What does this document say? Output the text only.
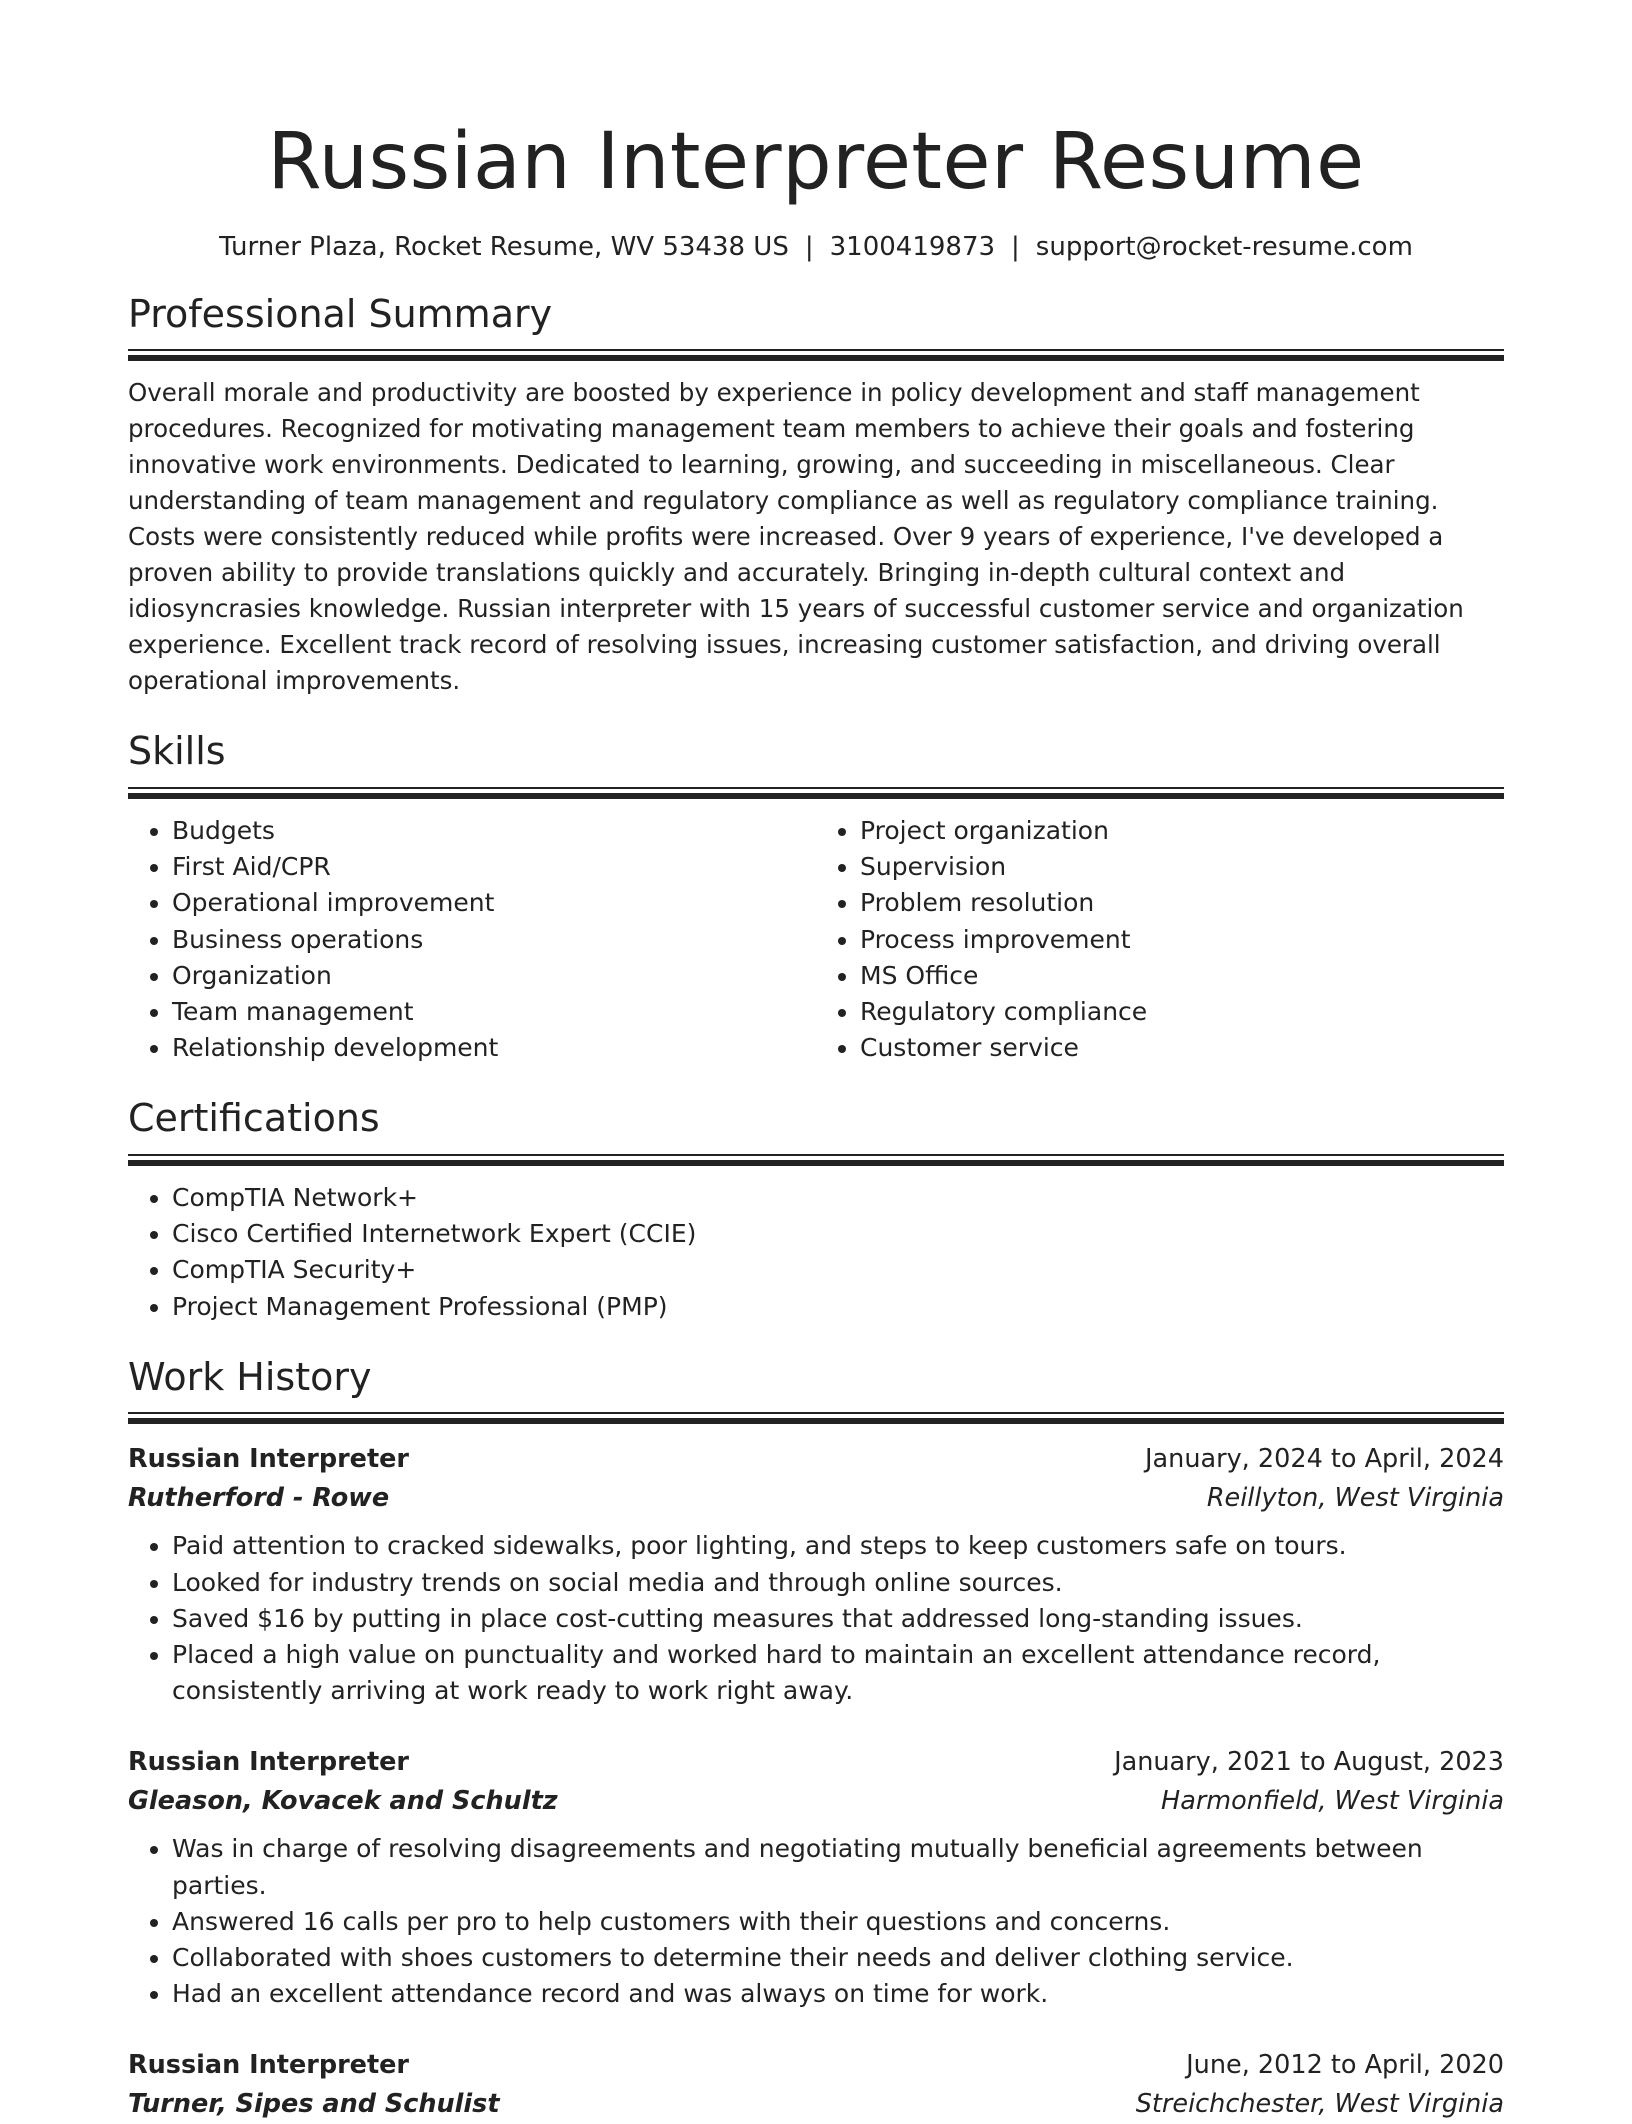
Russian Interpreter Resume
Turner Plaza, Rocket Resume, WV 53438 US | 3100419873 | support@rocket-resume.com
Professional Summary

Overall morale and productivity are boosted by experience in policy development and staff management procedures. Recognized for motivating management team members to achieve their goals and fostering innovative work environments. Dedicated to learning, growing, and succeeding in miscellaneous. Clear understanding of team management and regulatory compliance as well as regulatory compliance training. Costs were consistently reduced while profits were increased. Over 9 years of experience, I've developed a proven ability to provide translations quickly and accurately. Bringing in-depth cultural context and idiosyncrasies knowledge. Russian interpreter with 15 years of successful customer service and organization experience. Excellent track record of resolving issues, increasing customer satisfaction, and driving overall operational improvements.

Skills
• Budgets
• First Aid/CPR
• Operational improvement
• Business operations
• Organization
• Team management
• Relationship development
• Project organization
• Supervision
• Problem resolution
• Process improvement
• MS Office
• Regulatory compliance
• Customer service
Certifications
• CompTIA Network+
• Cisco Certified Internetwork Expert (CCIE)
• CompTIA Security+
• Project Management Professional (PMP)
Work History
Russian Interpreter	January, 2024 to April, 2024
Rutherford - Rowe	Reillyton, West Virginia
• Paid attention to cracked sidewalks, poor lighting, and steps to keep customers safe on tours.
• Looked for industry trends on social media and through online sources.
• Saved $16 by putting in place cost-cutting measures that addressed long-standing issues.
• Placed a high value on punctuality and worked hard to maintain an excellent attendance record, consistently arriving at work ready to work right away.
Russian Interpreter	January, 2021 to August, 2023
Gleason, Kovacek and Schultz	Harmonfield, West Virginia
• Was in charge of resolving disagreements and negotiating mutually beneficial agreements between parties.
• Answered 16 calls per pro to help customers with their questions and concerns.
• Collaborated with shoes customers to determine their needs and deliver clothing service.
• Had an excellent attendance record and was always on time for work.
Russian Interpreter	June, 2012 to April, 2020
Turner, Sipes and Schulist	Streichchester, West Virginia
